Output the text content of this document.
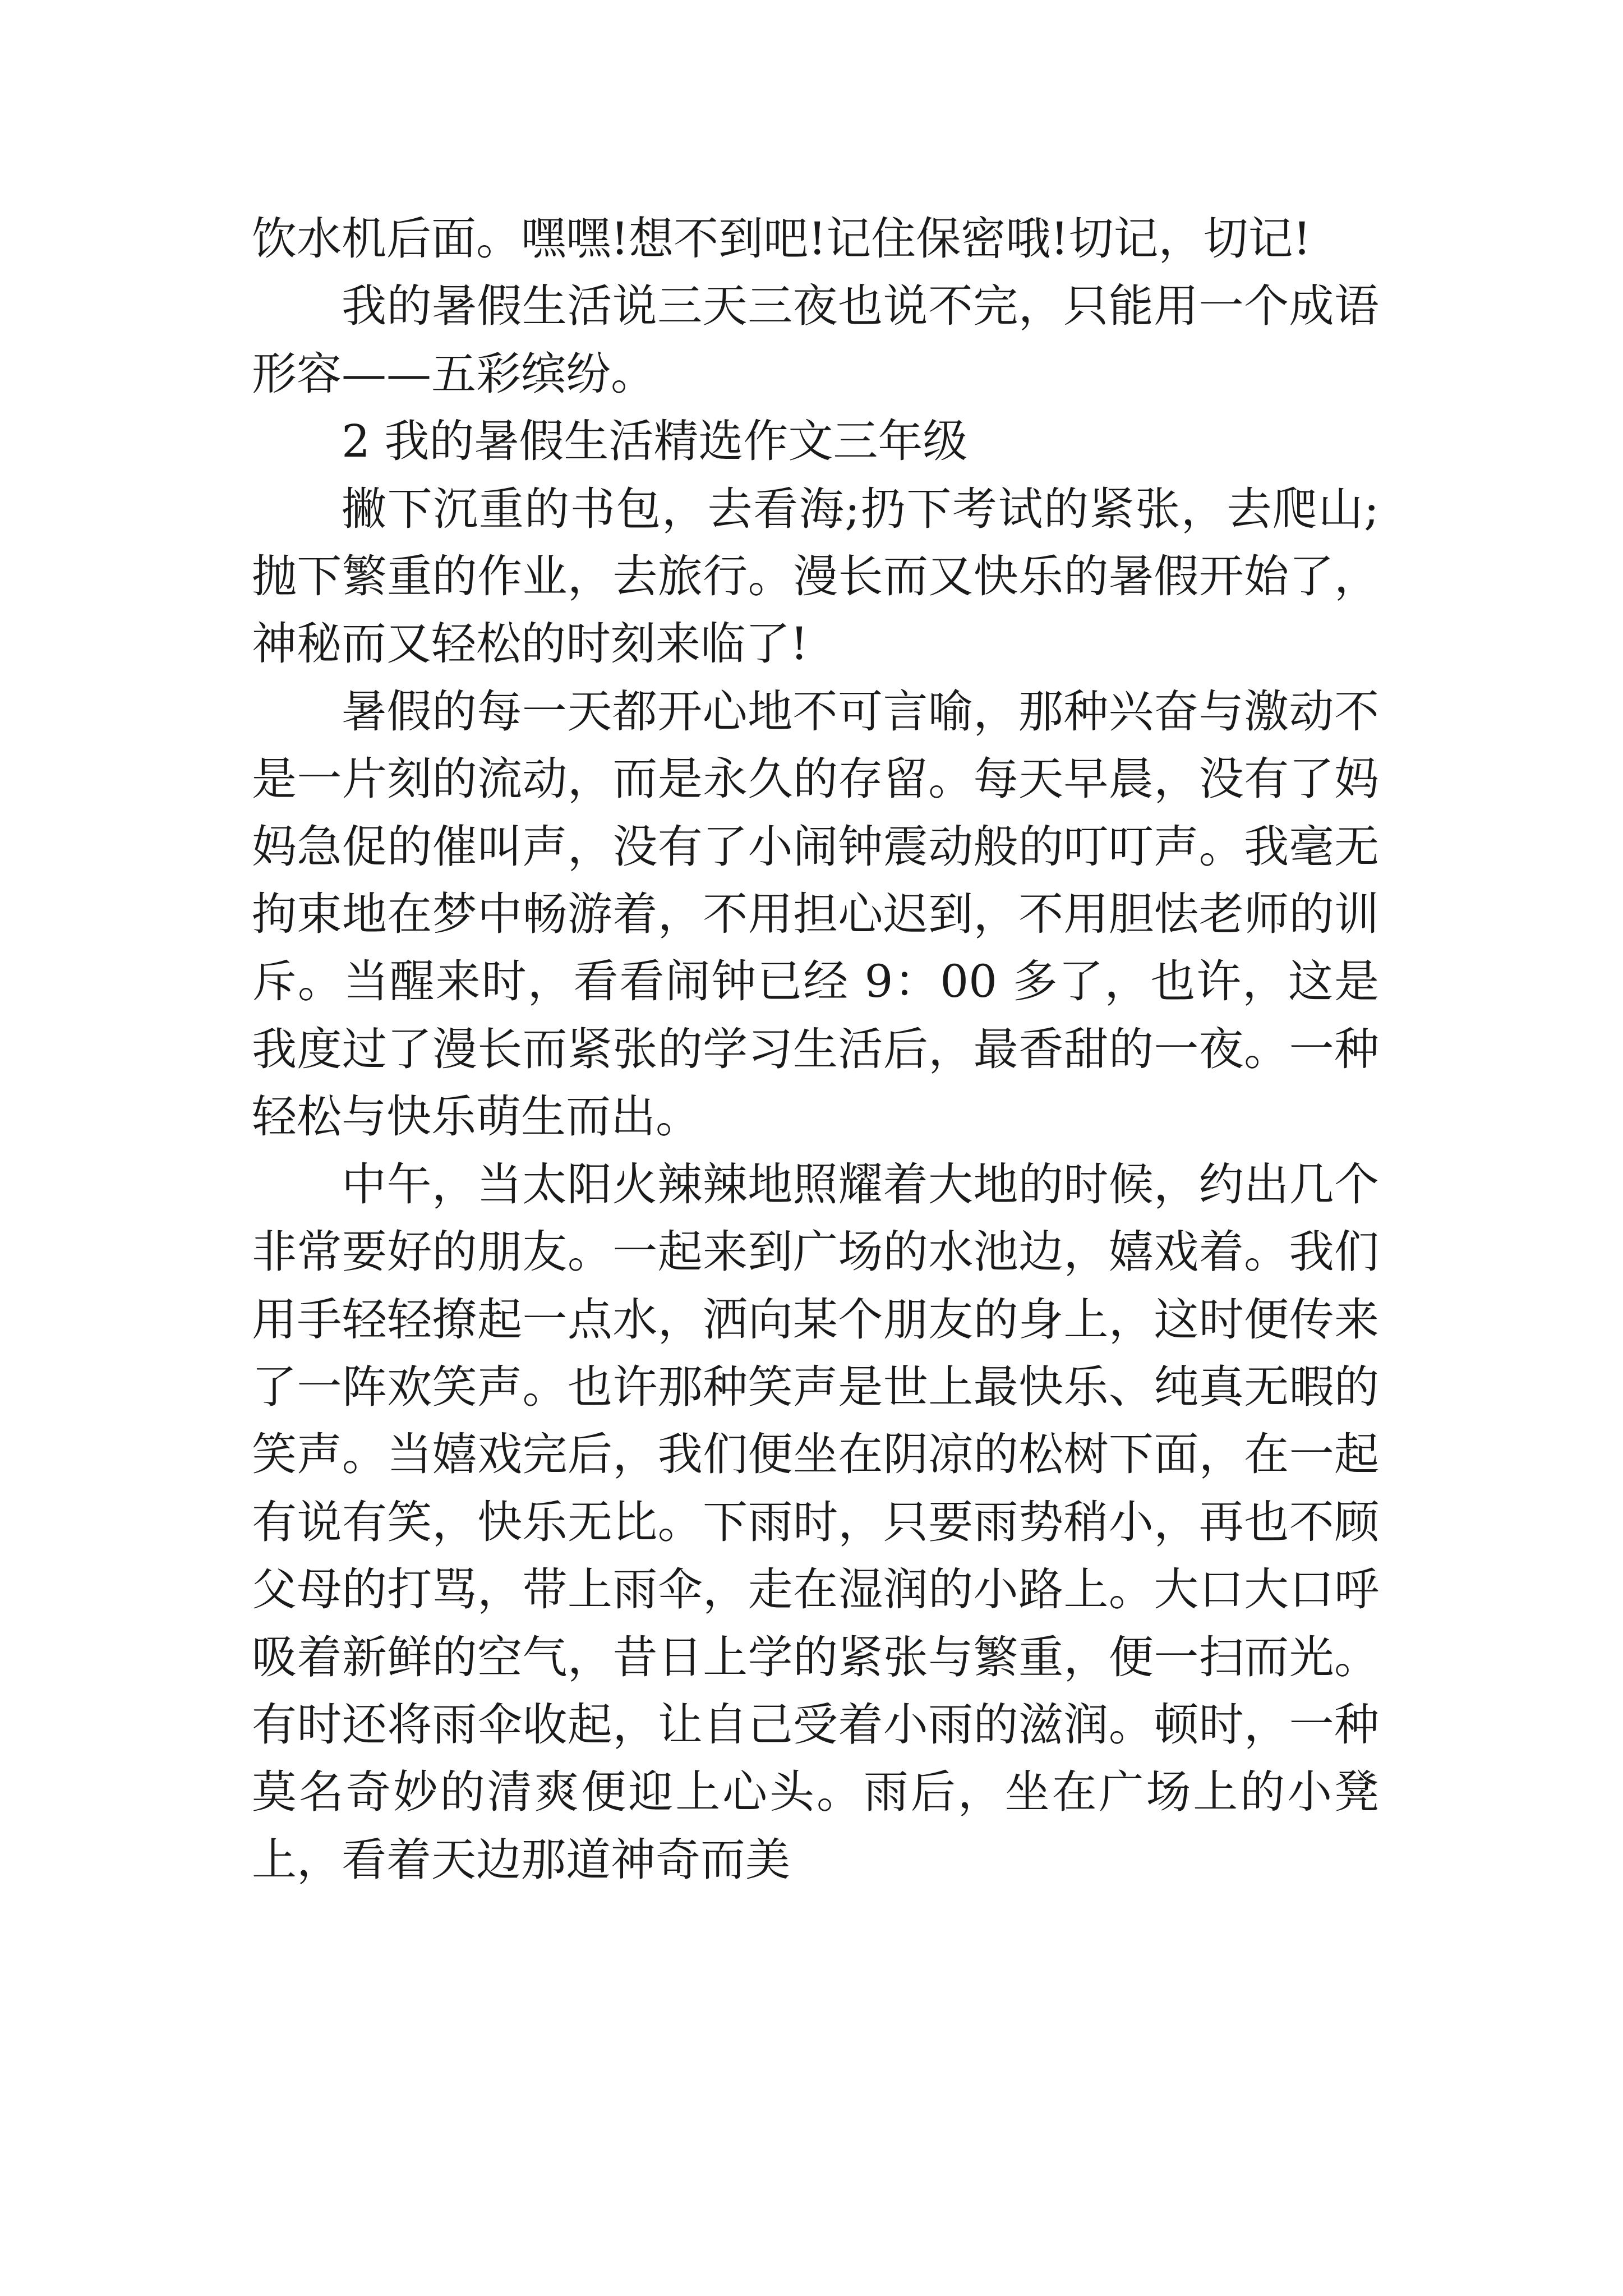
饮水机后面。嘿嘿!想不到吧!记住保密哦!切记，切记!

我的暑假生活说三天三夜也说不完，只能用一个成语形容——五彩缤纷。

2 我的暑假生活精选作文三年级

撇下沉重的书包，去看海;扔下考试的紧张，去爬山;抛下繁重的作业，去旅行。漫长而又快乐的暑假开始了，神秘而又轻松的时刻来临了!

暑假的每一天都开心地不可言喻，那种兴奋与激动不是一片刻的流动，而是永久的存留。每天早晨，没有了妈妈急促的催叫声，没有了小闹钟震动般的叮叮声。我毫无拘束地在梦中畅游着，不用担心迟到，不用胆怯老师的训斥。当醒来时，看看闹钟已经 9：00 多了，也许，这是我度过了漫长而紧张的学习生活后，最香甜的一夜。一种轻松与快乐萌生而出。

中午，当太阳火辣辣地照耀着大地的时候，约出几个非常要好的朋友。一起来到广场的水池边，嬉戏着。我们用手轻轻撩起一点水，洒向某个朋友的身上，这时便传来了一阵欢笑声。也许那种笑声是世上最快乐、纯真无暇的笑声。当嬉戏完后，我们便坐在阴凉的松树下面，在一起有说有笑，快乐无比。下雨时，只要雨势稍小，再也不顾父母的打骂，带上雨伞，走在湿润的小路上。大口大口呼吸着新鲜的空气，昔日上学的紧张与繁重，便一扫而光。有时还将雨伞收起，让自己受着小雨的滋润。顿时，一种莫名奇妙的清爽便迎上心头。雨后，坐在广场上的小凳上，看着天边那道神奇而美
